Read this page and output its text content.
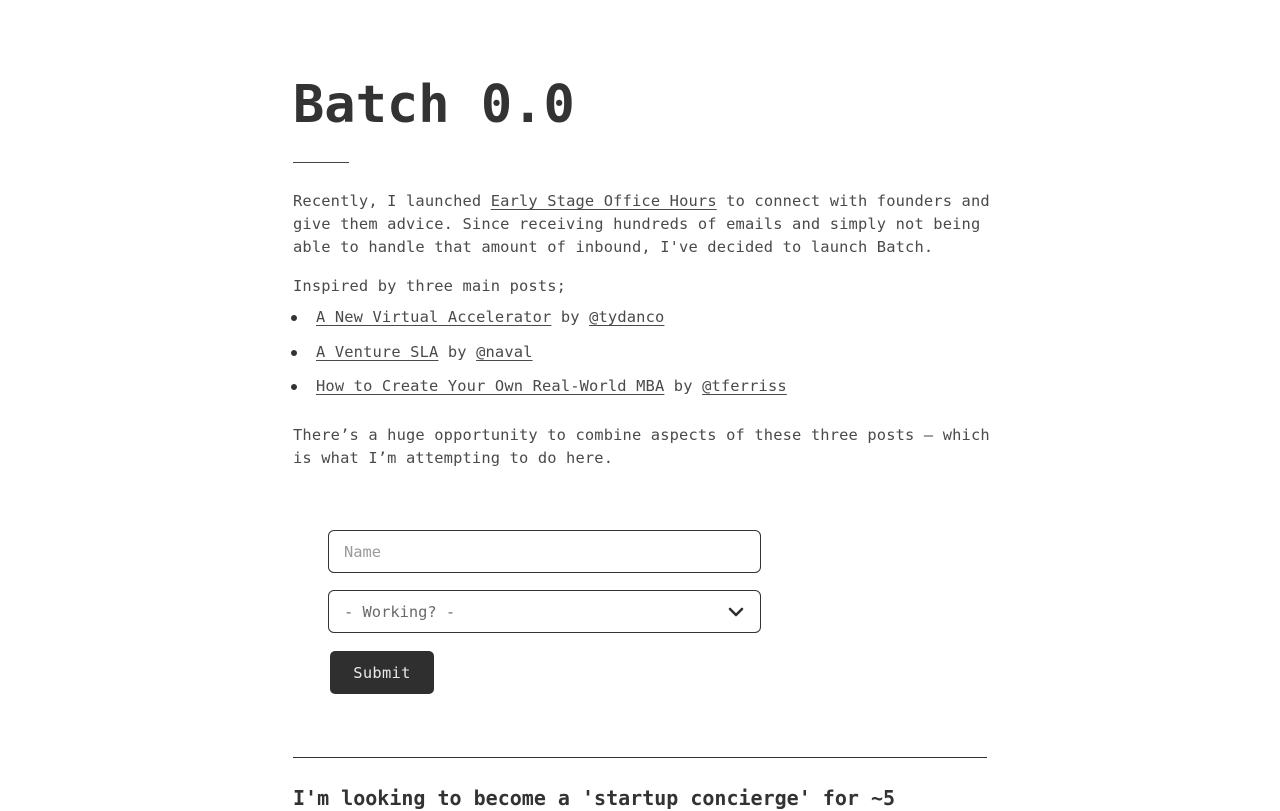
Batch 0.0

Recently, I launched Early Stage Office Hours to connect with founders and give them advice. Since receiving hundreds of emails and simply not being able to handle that amount of inbound, I've decided to launch Batch.

Inspired by three main posts;

A New Virtual Accelerator by @tydanco
A Venture SLA by @naval
How to Create Your Own Real-World MBA by @tferriss

There’s a huge opportunity to combine aspects of these three posts — which is what I’m attempting to do here.

Name
- Working? -
Submit
I'm looking to become a 'startup concierge' for ~5
